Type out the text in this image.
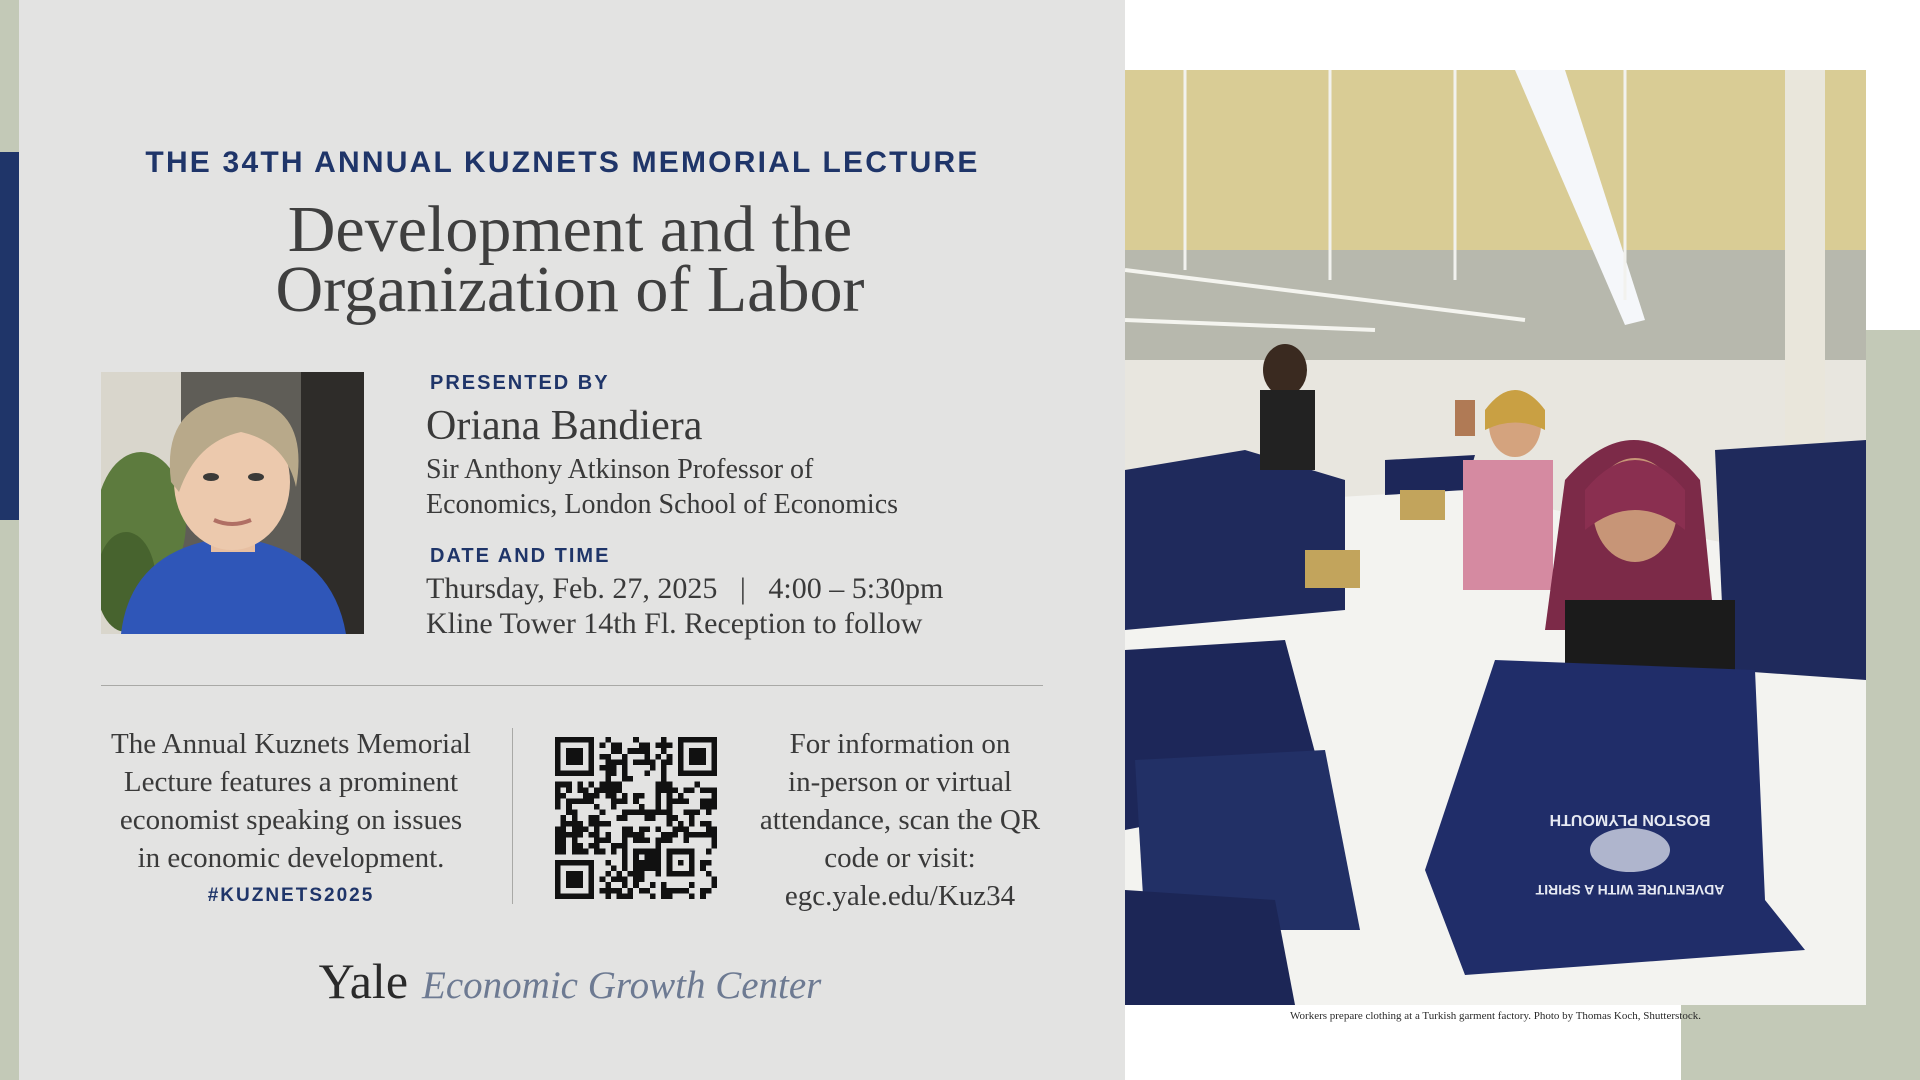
THE 34TH ANNUAL KUZNETS MEMORIAL LECTURE
Development and the
Organization of Labor
PRESENTED BY
Oriana Bandiera
Sir Anthony Atkinson Professor of
Economics, London School of Economics
DATE AND TIME
Thursday, Feb. 27, 2025   |   4:00 – 5:30pm
Kline Tower 14th Fl. Reception to follow
The Annual Kuznets Memorial
Lecture features a prominent
economist speaking on issues
in economic development.
#KUZNETS2025
For information on
in-person or virtual
attendance, scan the QR
code or visit:
egc.yale.edu/Kuz34
Yale Economic Growth Center
BOSTON PLYMOUTH
ADVENTURE WITH A SPIRIT
Workers prepare clothing at a Turkish garment factory. Photo by Thomas Koch, Shutterstock.
